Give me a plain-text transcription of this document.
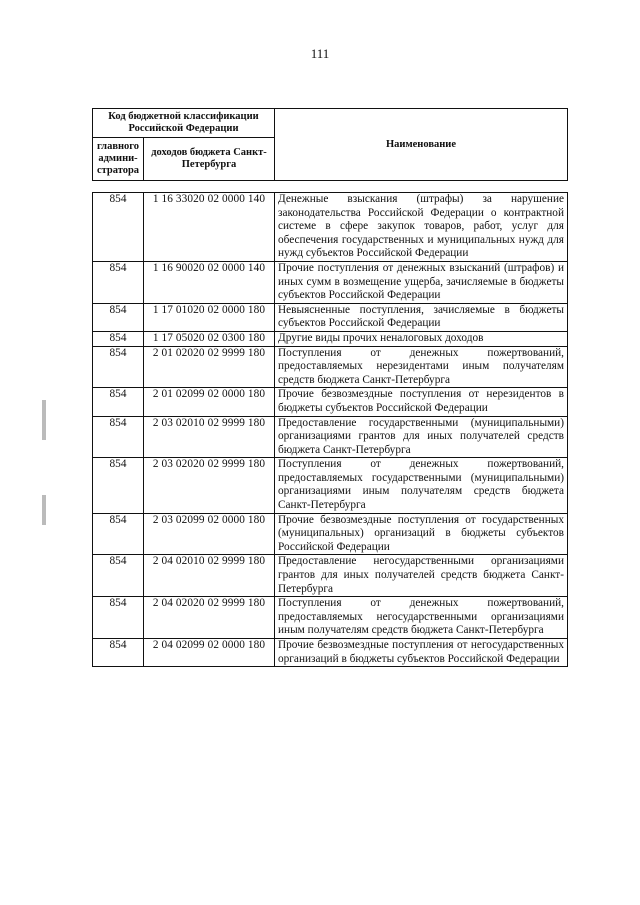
111
Код бюджетной классификации Российской Федерации		Наименование
главного админи-стратора	доходов бюджета Санкт-Петербурга	
854	1 16 33020 02 0000 140	Денежные взыскания (штрафы) за нарушение законодательства Российской Федерации о контрактной системе в сфере закупок товаров, работ, услуг для обеспечения государственных и муниципальных нужд для нужд субъектов Российской Федерации
854	1 16 90020 02 0000 140	Прочие поступления от денежных взысканий (штрафов) и иных сумм в возмещение ущерба, зачисляемые в бюджеты субъектов Российской Федерации
854	1 17 01020 02 0000 180	Невыясненные поступления, зачисляемые в бюджеты субъектов Российской Федерации
854	1 17 05020 02 0300 180	Другие виды прочих неналоговых доходов
854	2 01 02020 02 9999 180	Поступления от денежных пожертвований, предоставляемых нерезидентами иным получателям средств бюджета Санкт-Петербурга
854	2 01 02099 02 0000 180	Прочие безвозмездные поступления от нерезидентов в бюджеты субъектов Российской Федерации
854	2 03 02010 02 9999 180	Предоставление государственными (муниципальными) организациями грантов для иных получателей средств бюджета Санкт-Петербурга
854	2 03 02020 02 9999 180	Поступления от денежных пожертвований, предоставляемых государственными (муниципальными) организациями иным получателям средств бюджета Санкт-Петербурга
854	2 03 02099 02 0000 180	Прочие безвозмездные поступления от государственных (муниципальных) организаций в бюджеты субъектов Российской Федерации
854	2 04 02010 02 9999 180	Предоставление негосударственными организациями грантов для иных получателей средств бюджета Санкт-Петербурга
854	2 04 02020 02 9999 180	Поступления от денежных пожертвований, предоставляемых негосударственными организациями иным получателям средств бюджета Санкт-Петербурга
854	2 04 02099 02 0000 180	Прочие безвозмездные поступления от негосударственных организаций в бюджеты субъектов Российской Федерации
